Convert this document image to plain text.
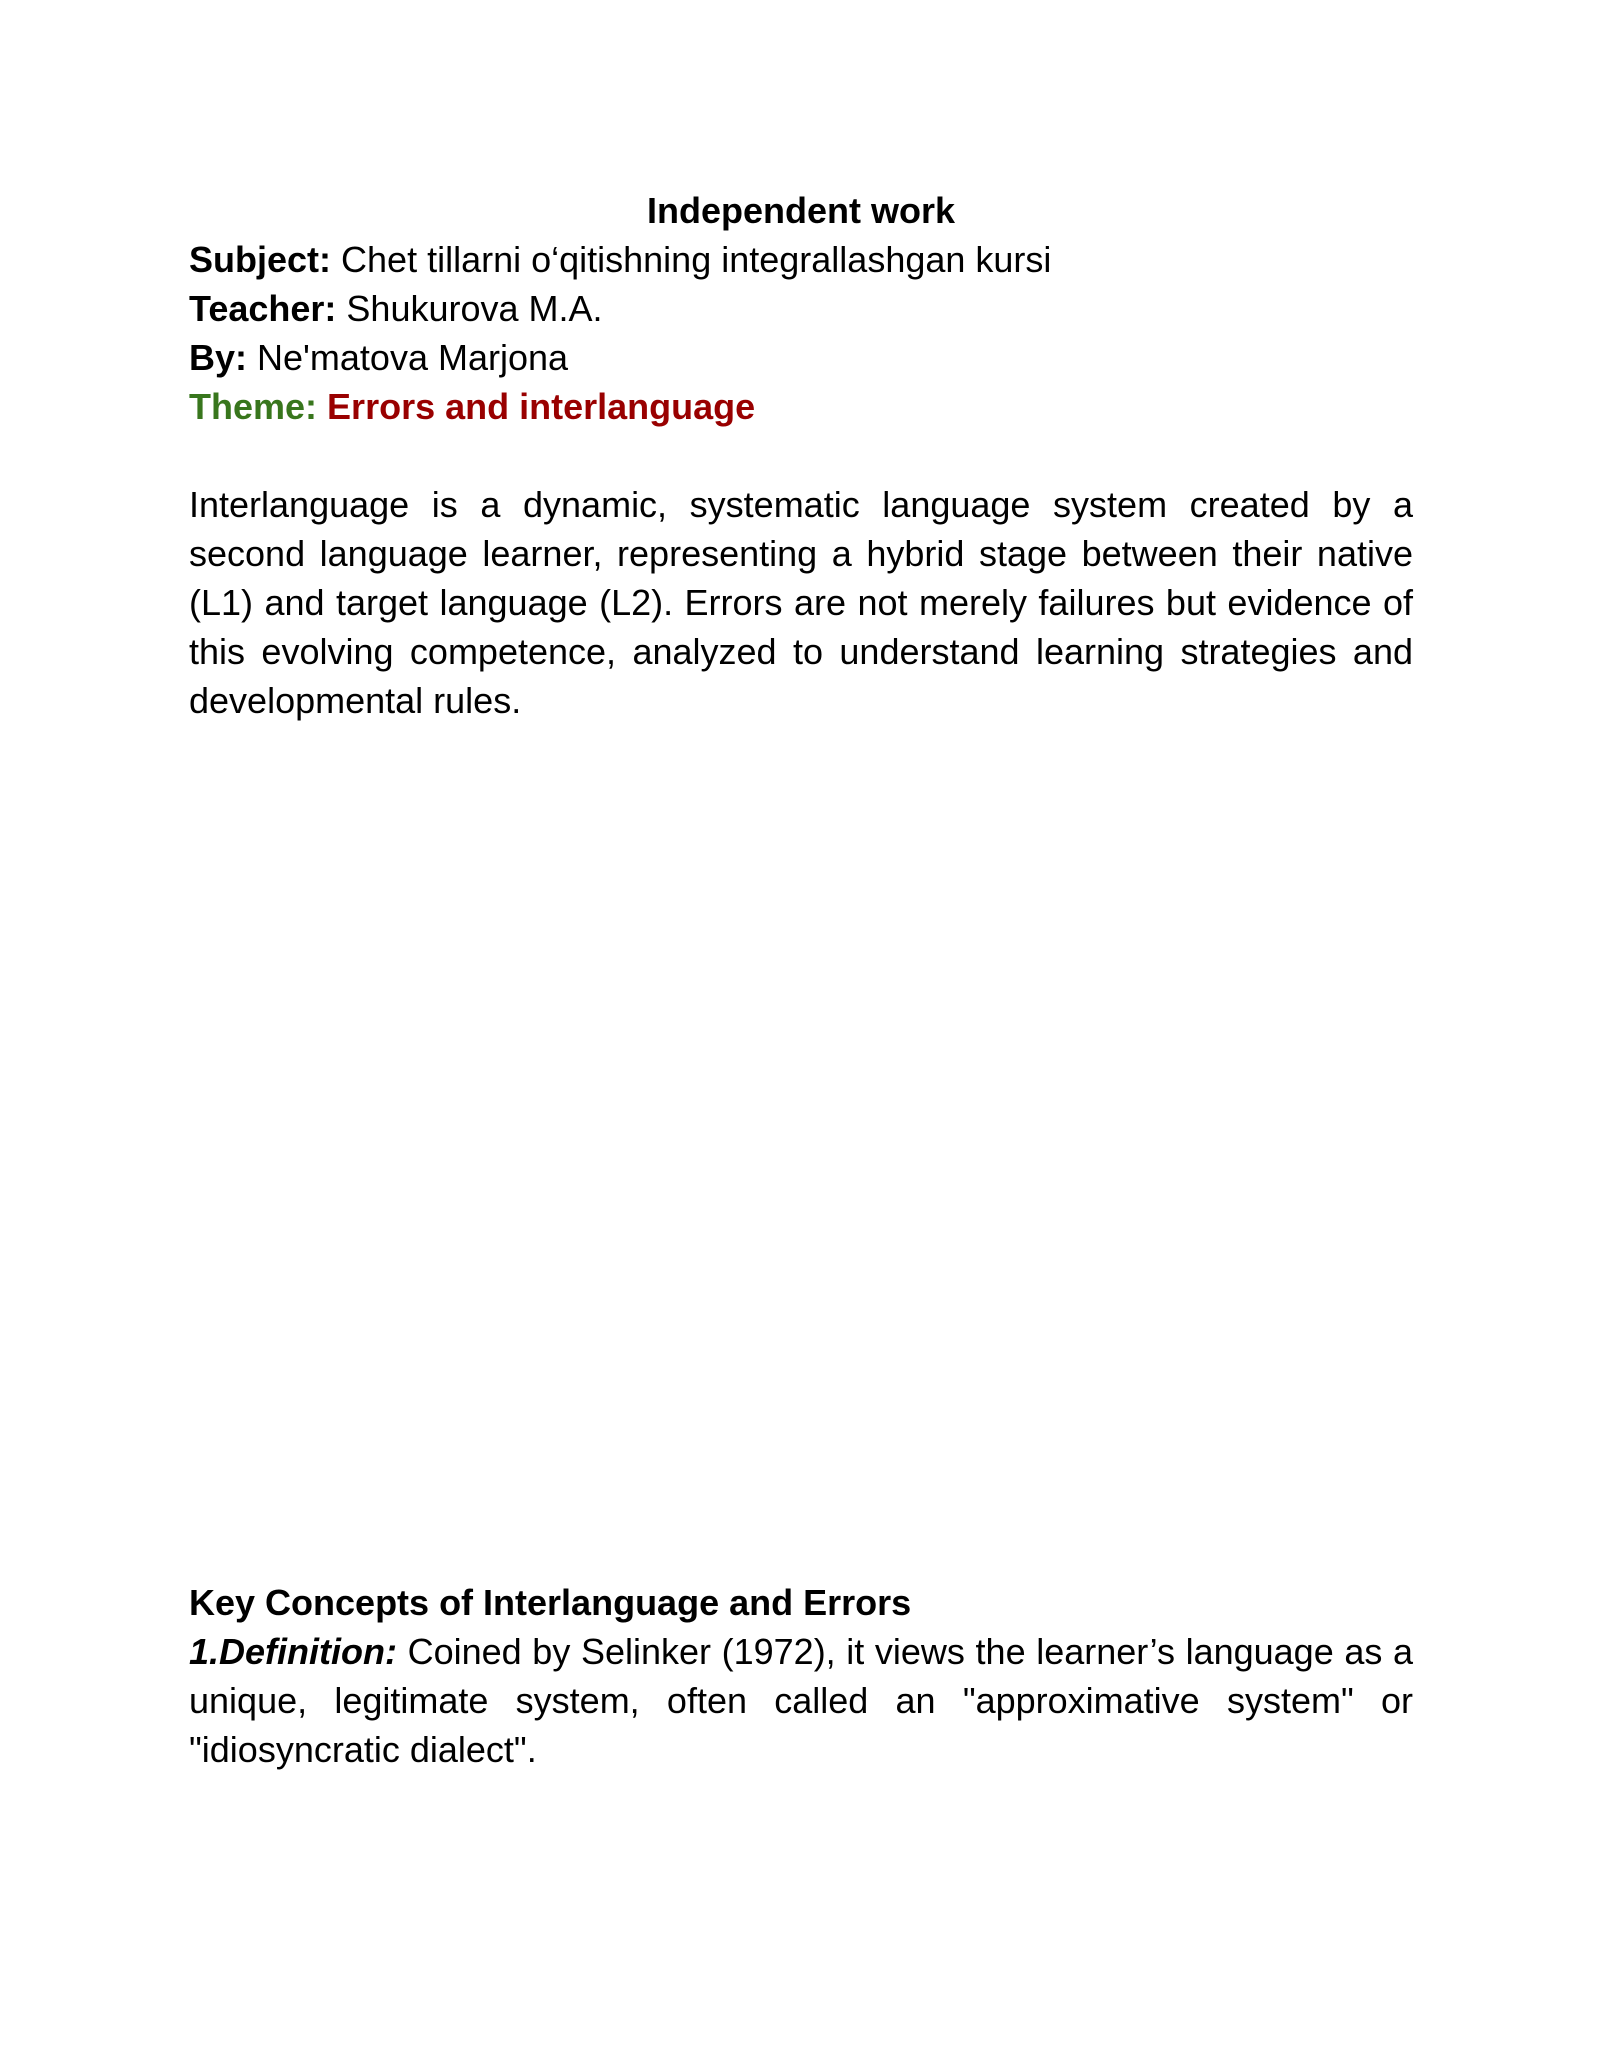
Independent work

Subject: Chet tillarni o‘qitishning integrallashgan kursi

Teacher: Shukurova M.A.

By: Ne'matova Marjona

Theme: Errors and interlanguage

Interlanguage is a dynamic, systematic language system created by a second language learner, representing a hybrid stage between their native (L1) and target language (L2). Errors are not merely failures but evidence of this evolving competence, analyzed to understand learning strategies and developmental rules.

Key Concepts of Interlanguage and Errors

1.Definition: Coined by Selinker (1972), it views the learner’s language as a unique, legitimate system, often called an "approximative system" or "idiosyncratic dialect".
